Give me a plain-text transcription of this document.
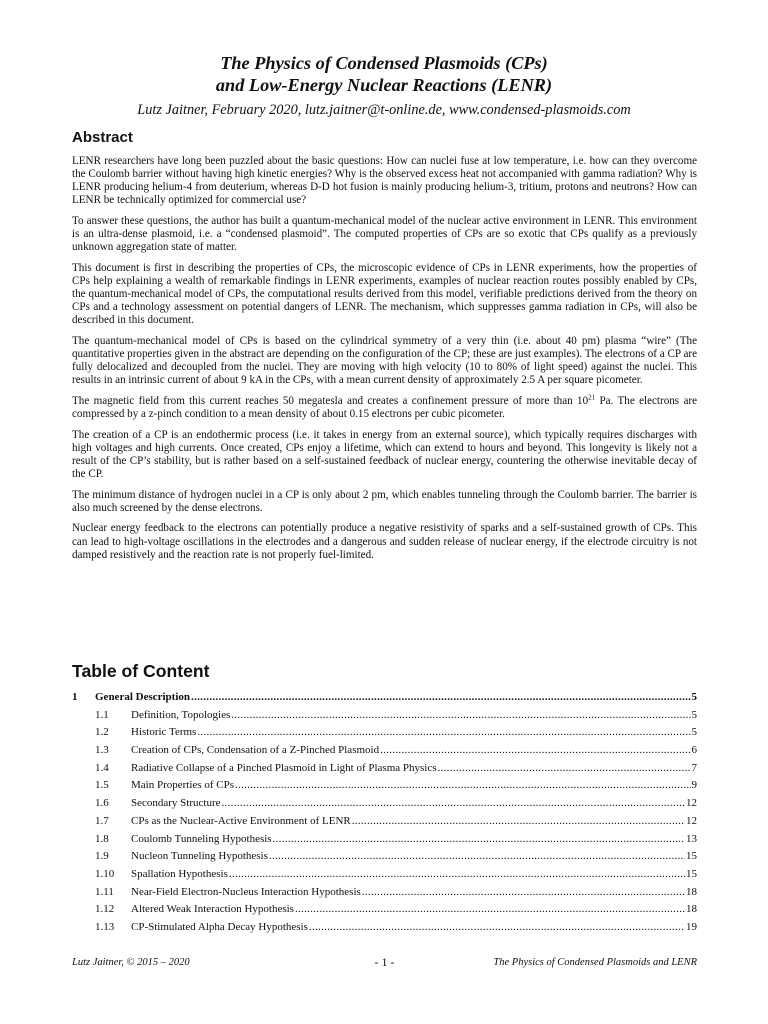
The Physics of Condensed Plasmoids (CPs)
and Low-Energy Nuclear Reactions (LENR)
Lutz Jaitner, February 2020, lutz.jaitner@t-online.de, www.condensed-plasmoids.com
Abstract

LENR researchers have long been puzzled about the basic questions: How can nuclei fuse at low temperature, i.e. how can they overcome the Coulomb barrier without having high kinetic energies? Why is the observed excess heat not accompanied with gamma radiation? Why is LENR producing helium-4 from deuterium, whereas D-D hot fusion is mainly producing helium-3, tritium, protons and neutrons? How can LENR be technically optimized for commercial use?

To answer these questions, the author has built a quantum-mechanical model of the nuclear active environment in LENR. This environment is an ultra-dense plasmoid, i.e. a “condensed plasmoid”. The computed properties of CPs are so exotic that CPs qualify as a previously unknown aggregation state of matter.

This document is first in describing the properties of CPs, the microscopic evidence of CPs in LENR experiments, how the properties of CPs help explaining a wealth of remarkable findings in LENR experiments, examples of nuclear reaction routes possibly enabled by CPs, the quantum-mechanical model of CPs, the computational results derived from this model, verifiable predictions derived from the theory on CPs and a technology assessment on potential dangers of LENR. The mechanism, which suppresses gamma radiation in CPs, will also be described in this document.

The quantum-mechanical model of CPs is based on the cylindrical symmetry of a very thin (i.e. about 40 pm) plasma “wire” (The quantitative properties given in the abstract are depending on the configuration of the CP; these are just examples). The electrons of a CP are fully delocalized and decoupled from the nuclei. They are moving with high velocity (10 to 80% of light speed) against the nuclei. This results in an intrinsic current of about 9 kA in the CPs, with a mean current density of approximately 2.5 A per square picometer.

The magnetic field from this current reaches 50 megatesla and creates a confinement pressure of more than $10^{21}$ Pa. The electrons are compressed by a z-pinch condition to a mean density of about 0.15 electrons per cubic picometer.

The creation of a CP is an endothermic process (i.e. it takes in energy from an external source), which typically requires discharges with high voltages and high currents. Once created, CPs enjoy a lifetime, which can extend to hours and beyond. This longevity is likely not a result of the CP’s stability, but is rather based on a self-sustained feedback of nuclear energy, countering the otherwise inevitable decay of the CP.

The minimum distance of hydrogen nuclei in a CP is only about 2 pm, which enables tunneling through the Coulomb barrier. The barrier is also much screened by the dense electrons.

Nuclear energy feedback to the electrons can potentially produce a negative resistivity of sparks and a self-sustained growth of CPs. This can lead to high-voltage oscillations in the electrodes and a dangerous and sudden release of nuclear energy, if the electrode circuitry is not damped resistively and the reaction rate is not properly fuel-limited.

Table of Content
1 General Description .....	5
1.1 Definition, Topologies .....	5
1.2 Historic Terms .....	5
1.3 Creation of CPs, Condensation of a Z-Pinched Plasmoid .....	6
1.4 Radiative Collapse of a Pinched Plasmoid in Light of Plasma Physics .....	7
1.5 Main Properties of CPs .....	9
1.6 Secondary Structure .....	12
1.7 CPs as the Nuclear-Active Environment of LENR .....	12
1.8 Coulomb Tunneling Hypothesis .....	13
1.9 Nucleon Tunneling Hypothesis .....	15
1.10 Spallation Hypothesis .....	15
1.11 Near-Field Electron-Nucleus Interaction Hypothesis .....	18
1.12 Altered Weak Interaction Hypothesis .....	18
1.13 CP-Stimulated Alpha Decay Hypothesis .....	19
Lutz Jaitner, © 2015 – 2020	- 1 -	The Physics of Condensed Plasmoids and LENR
